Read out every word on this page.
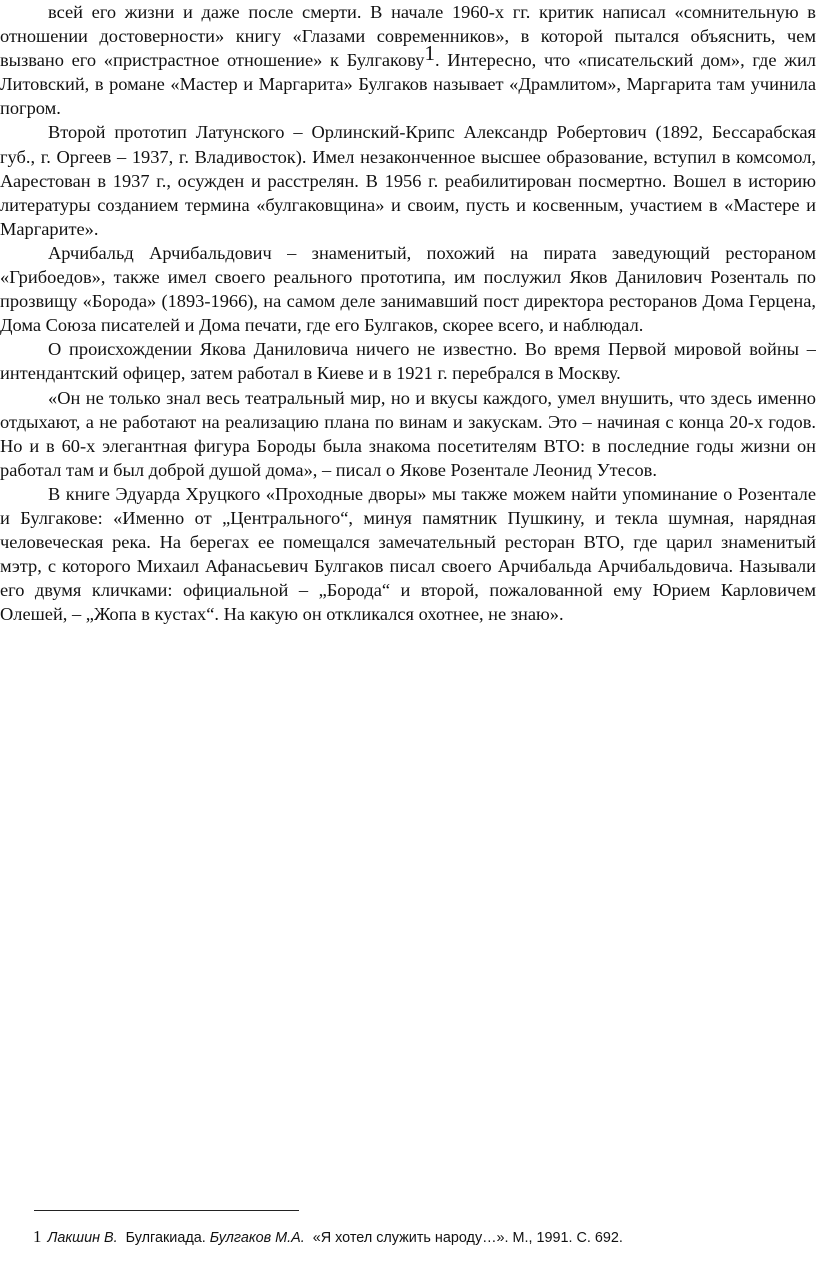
всей его жизни и даже после смерти. В начале 1960-х гг. критик написал «сомнительную в отношении достоверности» книгу «Глазами современников», в которой пытался объяснить, чем вызвано его «пристрастное отношение» к Булгакову1. Интересно, что «писательский дом», где жил Литовский, в романе «Мастер и Маргарита» Булгаков называет «Драмлитом», Маргарита там учинила погром.

Второй прототип Латунского – Орлинский-Крипс Александр Робертович (1892, Бессарабская губ., г. Оргеев – 1937, г. Владивосток). Имел незаконченное высшее образование, вступил в комсомол, Аарестован в 1937 г., осужден и расстрелян. В 1956 г. реабилитирован посмертно. Вошел в историю литературы созданием термина «булгаковщина» и своим, пусть и косвенным, участием в «Мастере и Маргарите».

Арчибальд Арчибальдович – знаменитый, похожий на пирата заведующий рестораном «Грибоедов», также имел своего реального прототипа, им послужил Яков Данилович Розенталь по прозвищу «Борода» (1893-1966), на самом деле занимавший пост директора ресторанов Дома Герцена, Дома Союза писателей и Дома печати, где его Булгаков, скорее всего, и наблюдал.

О происхождении Якова Даниловича ничего не известно. Во время Первой мировой войны – интендантский офицер, затем работал в Киеве и в 1921 г. перебрался в Москву.

«Он не только знал весь театральный мир, но и вкусы каждого, умел внушить, что здесь именно отдыхают, а не работают на реализацию плана по винам и закускам. Это – начиная с конца 20-х годов. Но и в 60-х элегантная фигура Бороды была знакома посетителям ВТО: в последние годы жизни он работал там и был доброй душой дома», – писал о Якове Розентале Леонид Утесов.

В книге Эдуарда Хруцкого «Проходные дворы» мы также можем найти упоминание о Розентале и Булгакове: «Именно от „Центрального“, минуя памятник Пушкину, и текла шумная, нарядная человеческая река. На берегах ее помещался замечательный ресторан ВТО, где царил знаменитый мэтр, с которого Михаил Афанасьевич Булгаков писал своего Арчибальда Арчибальдовича. Называли его двумя кличками: официальной – „Борода“ и второй, пожалованной ему Юрием Карловичем Олешей, – „Жопа в кустах“. На какую он откликался охотнее, не знаю».

1 Лакшин В. Булгакиада. Булгаков М.А. «Я хотел служить народу…». М., 1991. С. 692.
